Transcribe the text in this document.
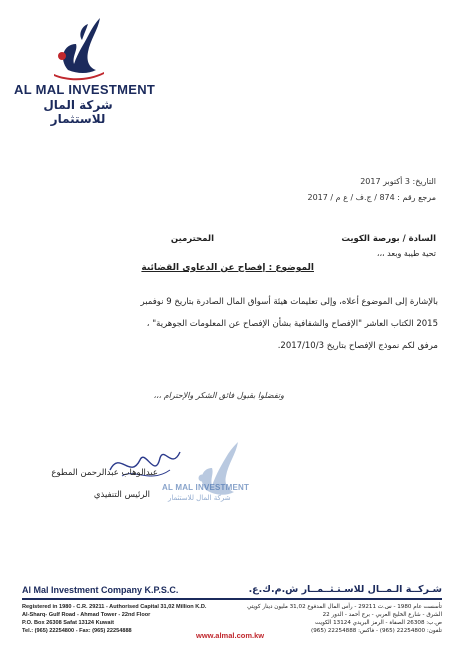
AL MAL INVESTMENT
شركة المال للاستثمار
التاريخ: 3 أكتوبر 2017
مرجع رقم : 874 / ج.ف / ع م / 2017
السادة / بورصة الكويت
المحترمين
تحية طيبة وبعد ،،،
الموضوع : إفصاح عن الدعاوى القضائية
بالإشارة إلى الموضوع أعلاه، وإلى تعليمات هيئة أسواق المال الصادرة بتاريخ 9 نوفمبر
2015 الكتاب العاشر "الإفصاح والشفافية بشأن الإفصاح عن المعلومات الجوهرية" ،
مرفق لكم نموذج الإفصاح بتاريخ 2017/10/3.
وتفضلوا بقبول فائق الشكر والإحترام ،،،
AL MAL INVESTMENT
شركة المال للاستثمار
عبدالوهاب عبدالرحمن المطوع
الرئيس التنفيذي
Al Mal Investment Company K.P.S.C.	شـركــة الـمــال للاسـتـثــمــار ش.م.ك.ع.
Registered in 1980 - C.R. 29211 - Authorised Capital 31,02 Million K.D.
Al-Sharq- Gulf Road - Ahmad Tower - 22nd Floor
P.O. Box 26308 Safat 13124 Kuwait
Tel.: (965) 22254800 - Fax: (965) 22254888
تأسست عام 1980 - س.ت 29211 - رأس المال المدفوع 31,02 مليون دينار كويتي
الشرق - شارع الخليج العربي - برج أحمد - الدور 22
ص.ب: 26308 الصفاة - الرمز البريدي 13124 الكويت
تلفون: 22254800 (965) - فاكس: 22254888 (965)
www.almal.com.kw
